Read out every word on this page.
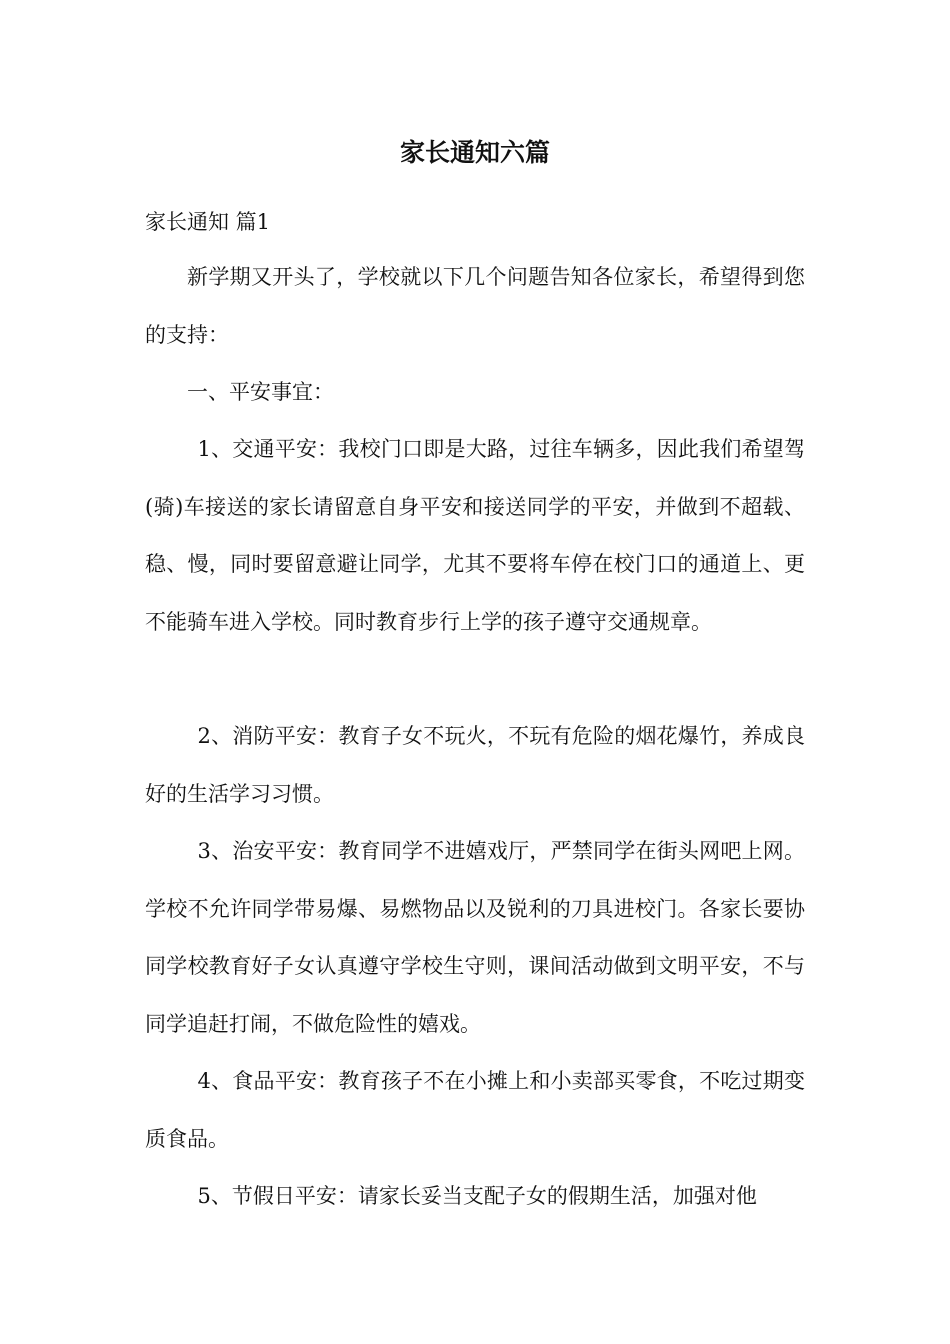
家长通知六篇

家长通知 篇1

新学期又开头了，学校就以下几个问题告知各位家长，希望得到您的支持：

一、平安事宜：

1、交通平安：我校门口即是大路，过往车辆多，因此我们希望驾(骑)车接送的家长请留意自身平安和接送同学的平安，并做到不超载、稳、慢，同时要留意避让同学，尤其不要将车停在校门口的通道上、更不能骑车进入学校。同时教育步行上学的孩子遵守交通规章。

2、消防平安：教育子女不玩火，不玩有危险的烟花爆竹，养成良好的生活学习习惯。

3、治安平安：教育同学不进嬉戏厅，严禁同学在街头网吧上网。学校不允许同学带易爆、易燃物品以及锐利的刀具进校门。各家长要协同学校教育好子女认真遵守学校生守则，课间活动做到文明平安，不与同学追赶打闹，不做危险性的嬉戏。

4、食品平安：教育孩子不在小摊上和小卖部买零食，不吃过期变质食品。

5、节假日平安：请家长妥当支配子女的假期生活，加强对他
